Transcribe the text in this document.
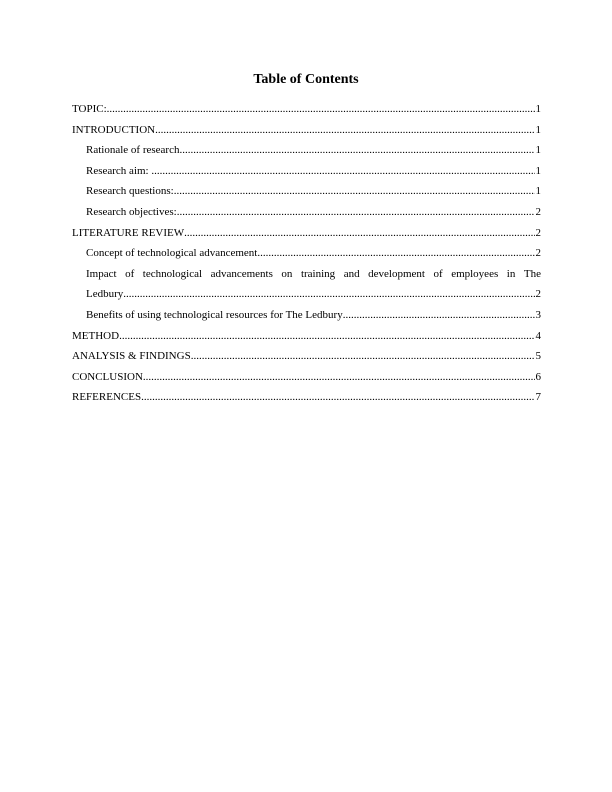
Table of Contents
TOPIC: .....	1
INTRODUCTION .....	1
Rationale of research .....	1
Research aim: .....	1
Research questions: .....	1
Research objectives: .....	2
LITERATURE REVIEW .....	2
Concept of technological advancement .....	2
Impact of technological advancements on training and development of employees in The
Ledbury .....	2
Benefits of using technological resources for The Ledbury .....	3
METHOD .....	4
ANALYSIS & FINDINGS .....	5
CONCLUSION .....	6
REFERENCES .....	7
